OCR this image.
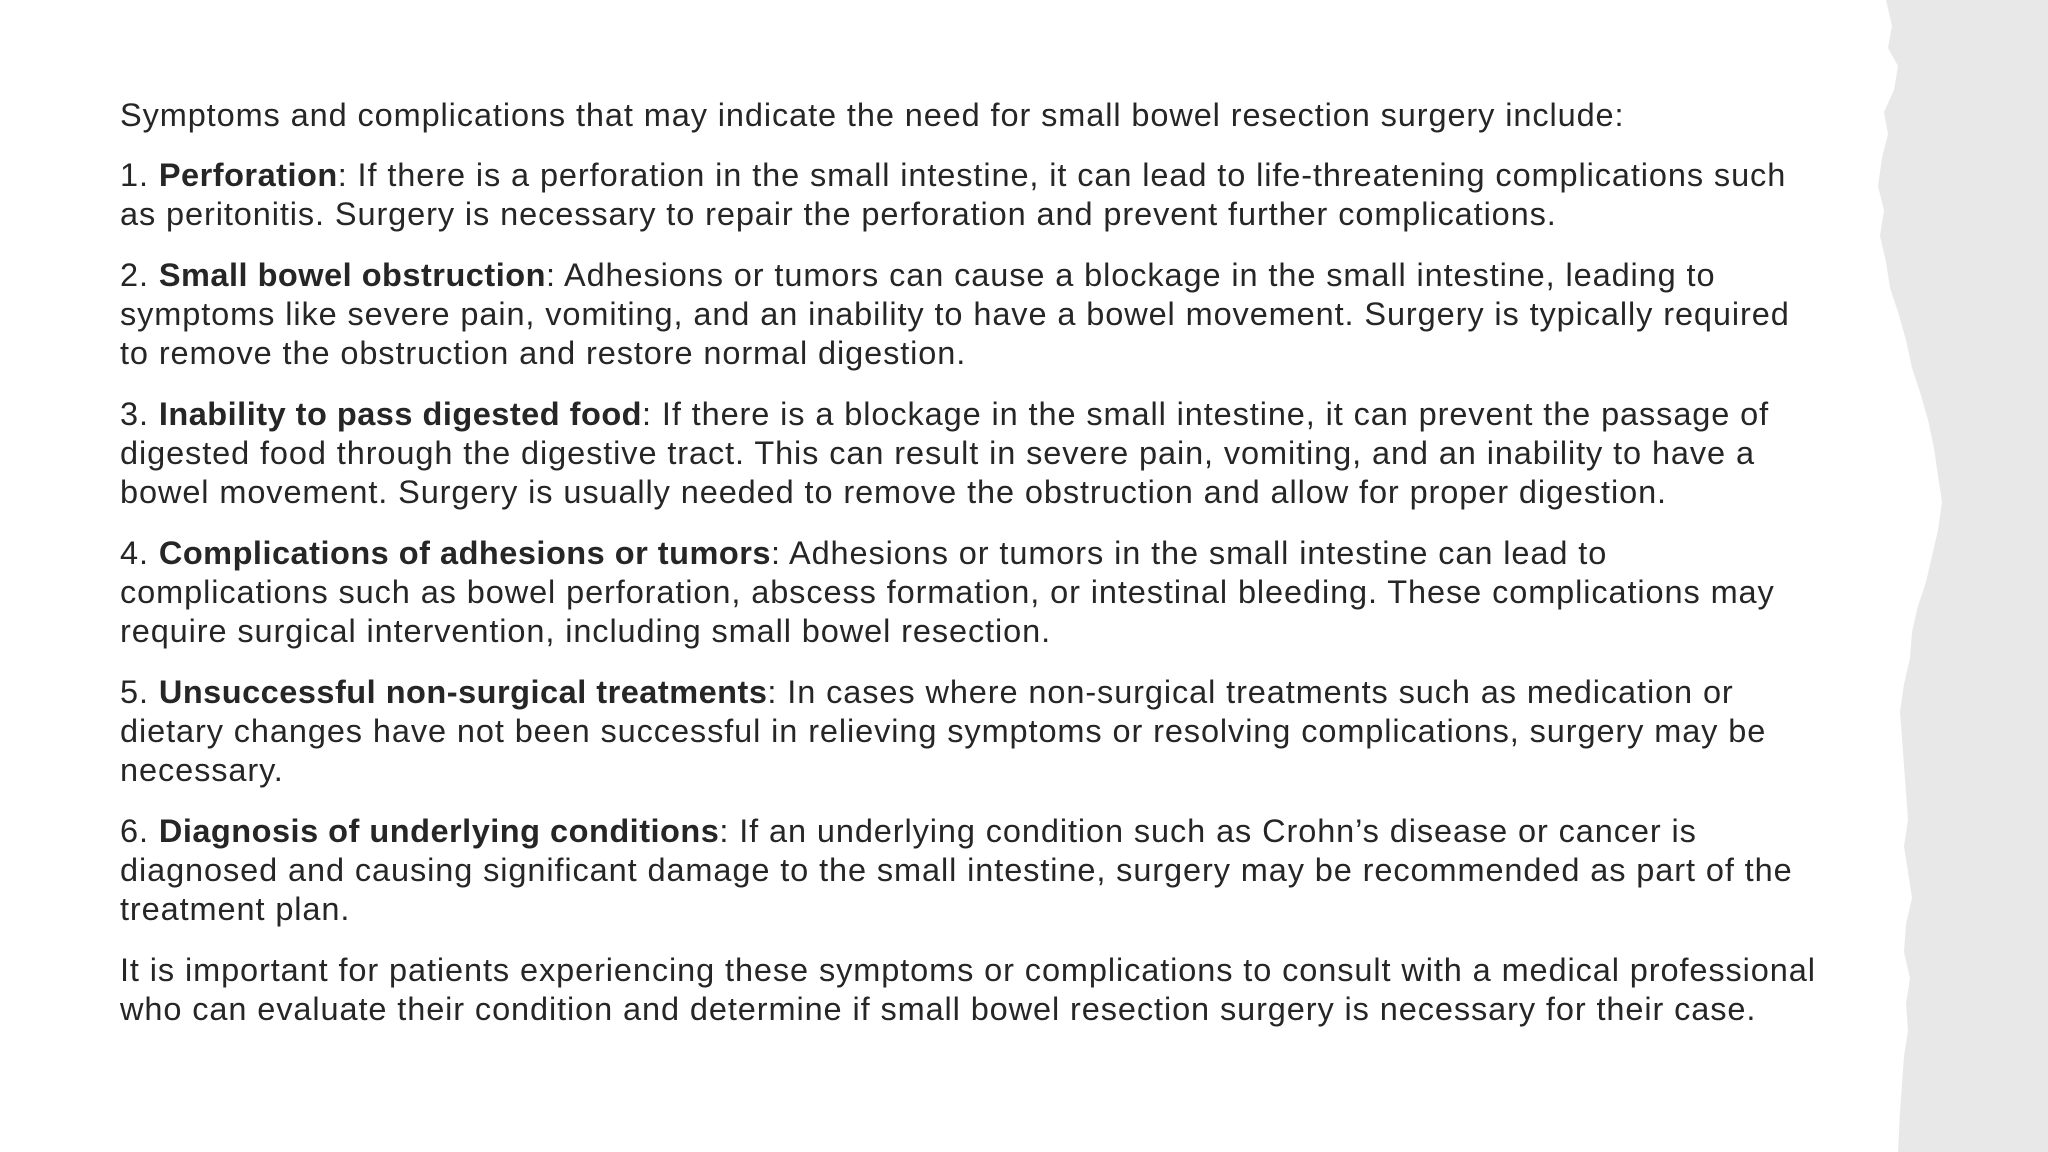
Symptoms and complications that may indicate the need for small bowel resection surgery include:

1. Perforation: If there is a perforation in the small intestine, it can lead to life-threatening complications such as peritonitis. Surgery is necessary to repair the perforation and prevent further complications.

2. Small bowel obstruction: Adhesions or tumors can cause a blockage in the small intestine, leading to symptoms like severe pain, vomiting, and an inability to have a bowel movement. Surgery is typically required to remove the obstruction and restore normal digestion.

3. Inability to pass digested food: If there is a blockage in the small intestine, it can prevent the passage of digested food through the digestive tract. This can result in severe pain, vomiting, and an inability to have a bowel movement. Surgery is usually needed to remove the obstruction and allow for proper digestion.

4. Complications of adhesions or tumors: Adhesions or tumors in the small intestine can lead to complications such as bowel perforation, abscess formation, or intestinal bleeding. These complications may require surgical intervention, including small bowel resection.

5. Unsuccessful non-surgical treatments: In cases where non-surgical treatments such as medication or dietary changes have not been successful in relieving symptoms or resolving complications, surgery may be necessary.

6. Diagnosis of underlying conditions: If an underlying condition such as Crohn’s disease or cancer is diagnosed and causing significant damage to the small intestine, surgery may be recommended as part of the treatment plan.

It is important for patients experiencing these symptoms or complications to consult with a medical professional who can evaluate their condition and determine if small bowel resection surgery is necessary for their case.
